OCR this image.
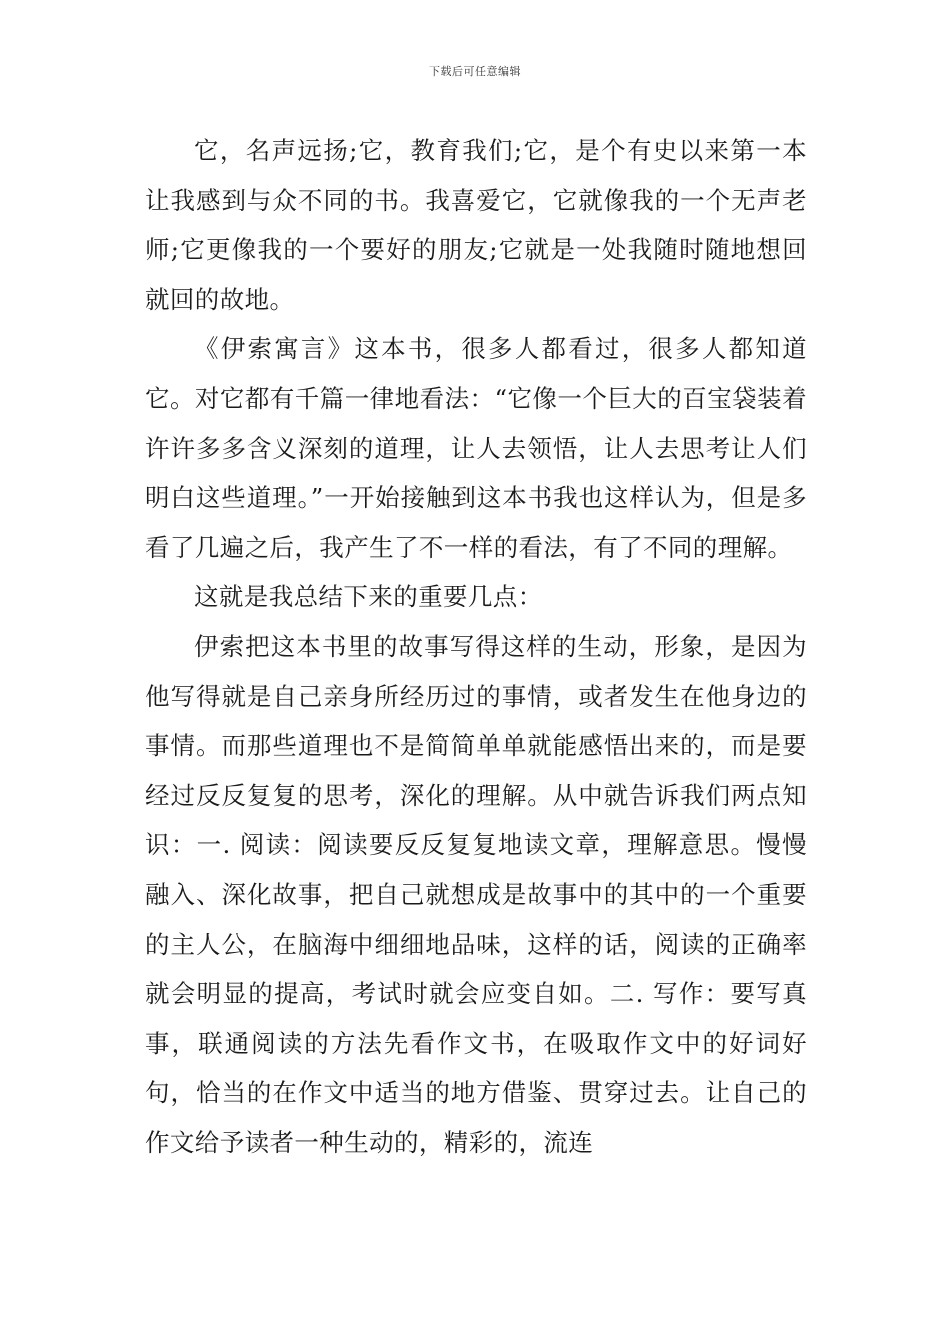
下载后可任意编辑

它，名声远扬;它，教育我们;它，是个有史以来第一本让我感到与众不同的书。我喜爱它，它就像我的一个无声老师;它更像我的一个要好的朋友;它就是一处我随时随地想回就回的故地。

《伊索寓言》这本书，很多人都看过，很多人都知道它。对它都有千篇一律地看法：“它像一个巨大的百宝袋装着许许多多含义深刻的道理，让人去领悟，让人去思考让人们明白这些道理。”一开始接触到这本书我也这样认为，但是多看了几遍之后，我产生了不一样的看法，有了不同的理解。

这就是我总结下来的重要几点：

伊索把这本书里的故事写得这样的生动，形象，是因为他写得就是自己亲身所经历过的事情，或者发生在他身边的事情。而那些道理也不是简简单单就能感悟出来的，而是要经过反反复复的思考，深化的理解。从中就告诉我们两点知识：一. 阅读：阅读要反反复复地读文章，理解意思。慢慢融入、深化故事，把自己就想成是故事中的其中的一个重要的主人公，在脑海中细细地品味，这样的话，阅读的正确率就会明显的提高，考试时就会应变自如。二. 写作：要写真事，联通阅读的方法先看作文书，在吸取作文中的好词好句，恰当的在作文中适当的地方借鉴、贯穿过去。让自己的作文给予读者一种生动的，精彩的，流连
